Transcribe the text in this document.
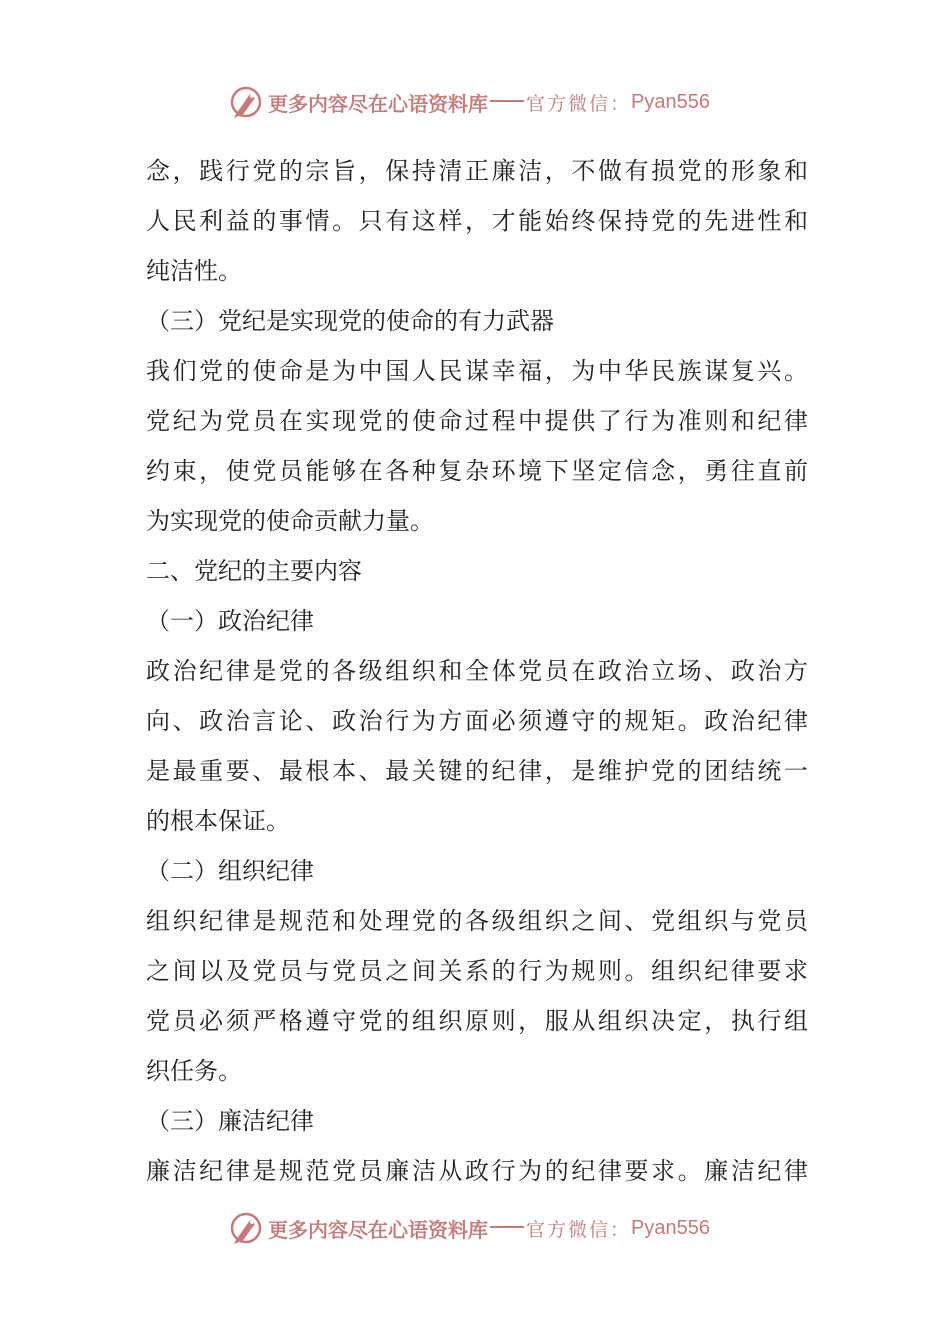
更多内容尽在心语资料库 官方微信： Pyan556
念，践行党的宗旨，保持清正廉洁，不做有损党的形象和
人民利益的事情。只有这样，才能始终保持党的先进性和
纯洁性。
（三）党纪是实现党的使命的有力武器
我们党的使命是为中国人民谋幸福，为中华民族谋复兴。
党纪为党员在实现党的使命过程中提供了行为准则和纪律
约束，使党员能够在各种复杂环境下坚定信念，勇往直前
为实现党的使命贡献力量。
二、党纪的主要内容
（一）政治纪律
政治纪律是党的各级组织和全体党员在政治立场、政治方
向、政治言论、政治行为方面必须遵守的规矩。政治纪律
是最重要、最根本、最关键的纪律，是维护党的团结统一
的根本保证。
（二）组织纪律
组织纪律是规范和处理党的各级组织之间、党组织与党员
之间以及党员与党员之间关系的行为规则。组织纪律要求
党员必须严格遵守党的组织原则，服从组织决定，执行组
织任务。
（三）廉洁纪律
廉洁纪律是规范党员廉洁从政行为的纪律要求。廉洁纪律
更多内容尽在心语资料库 官方微信： Pyan556
